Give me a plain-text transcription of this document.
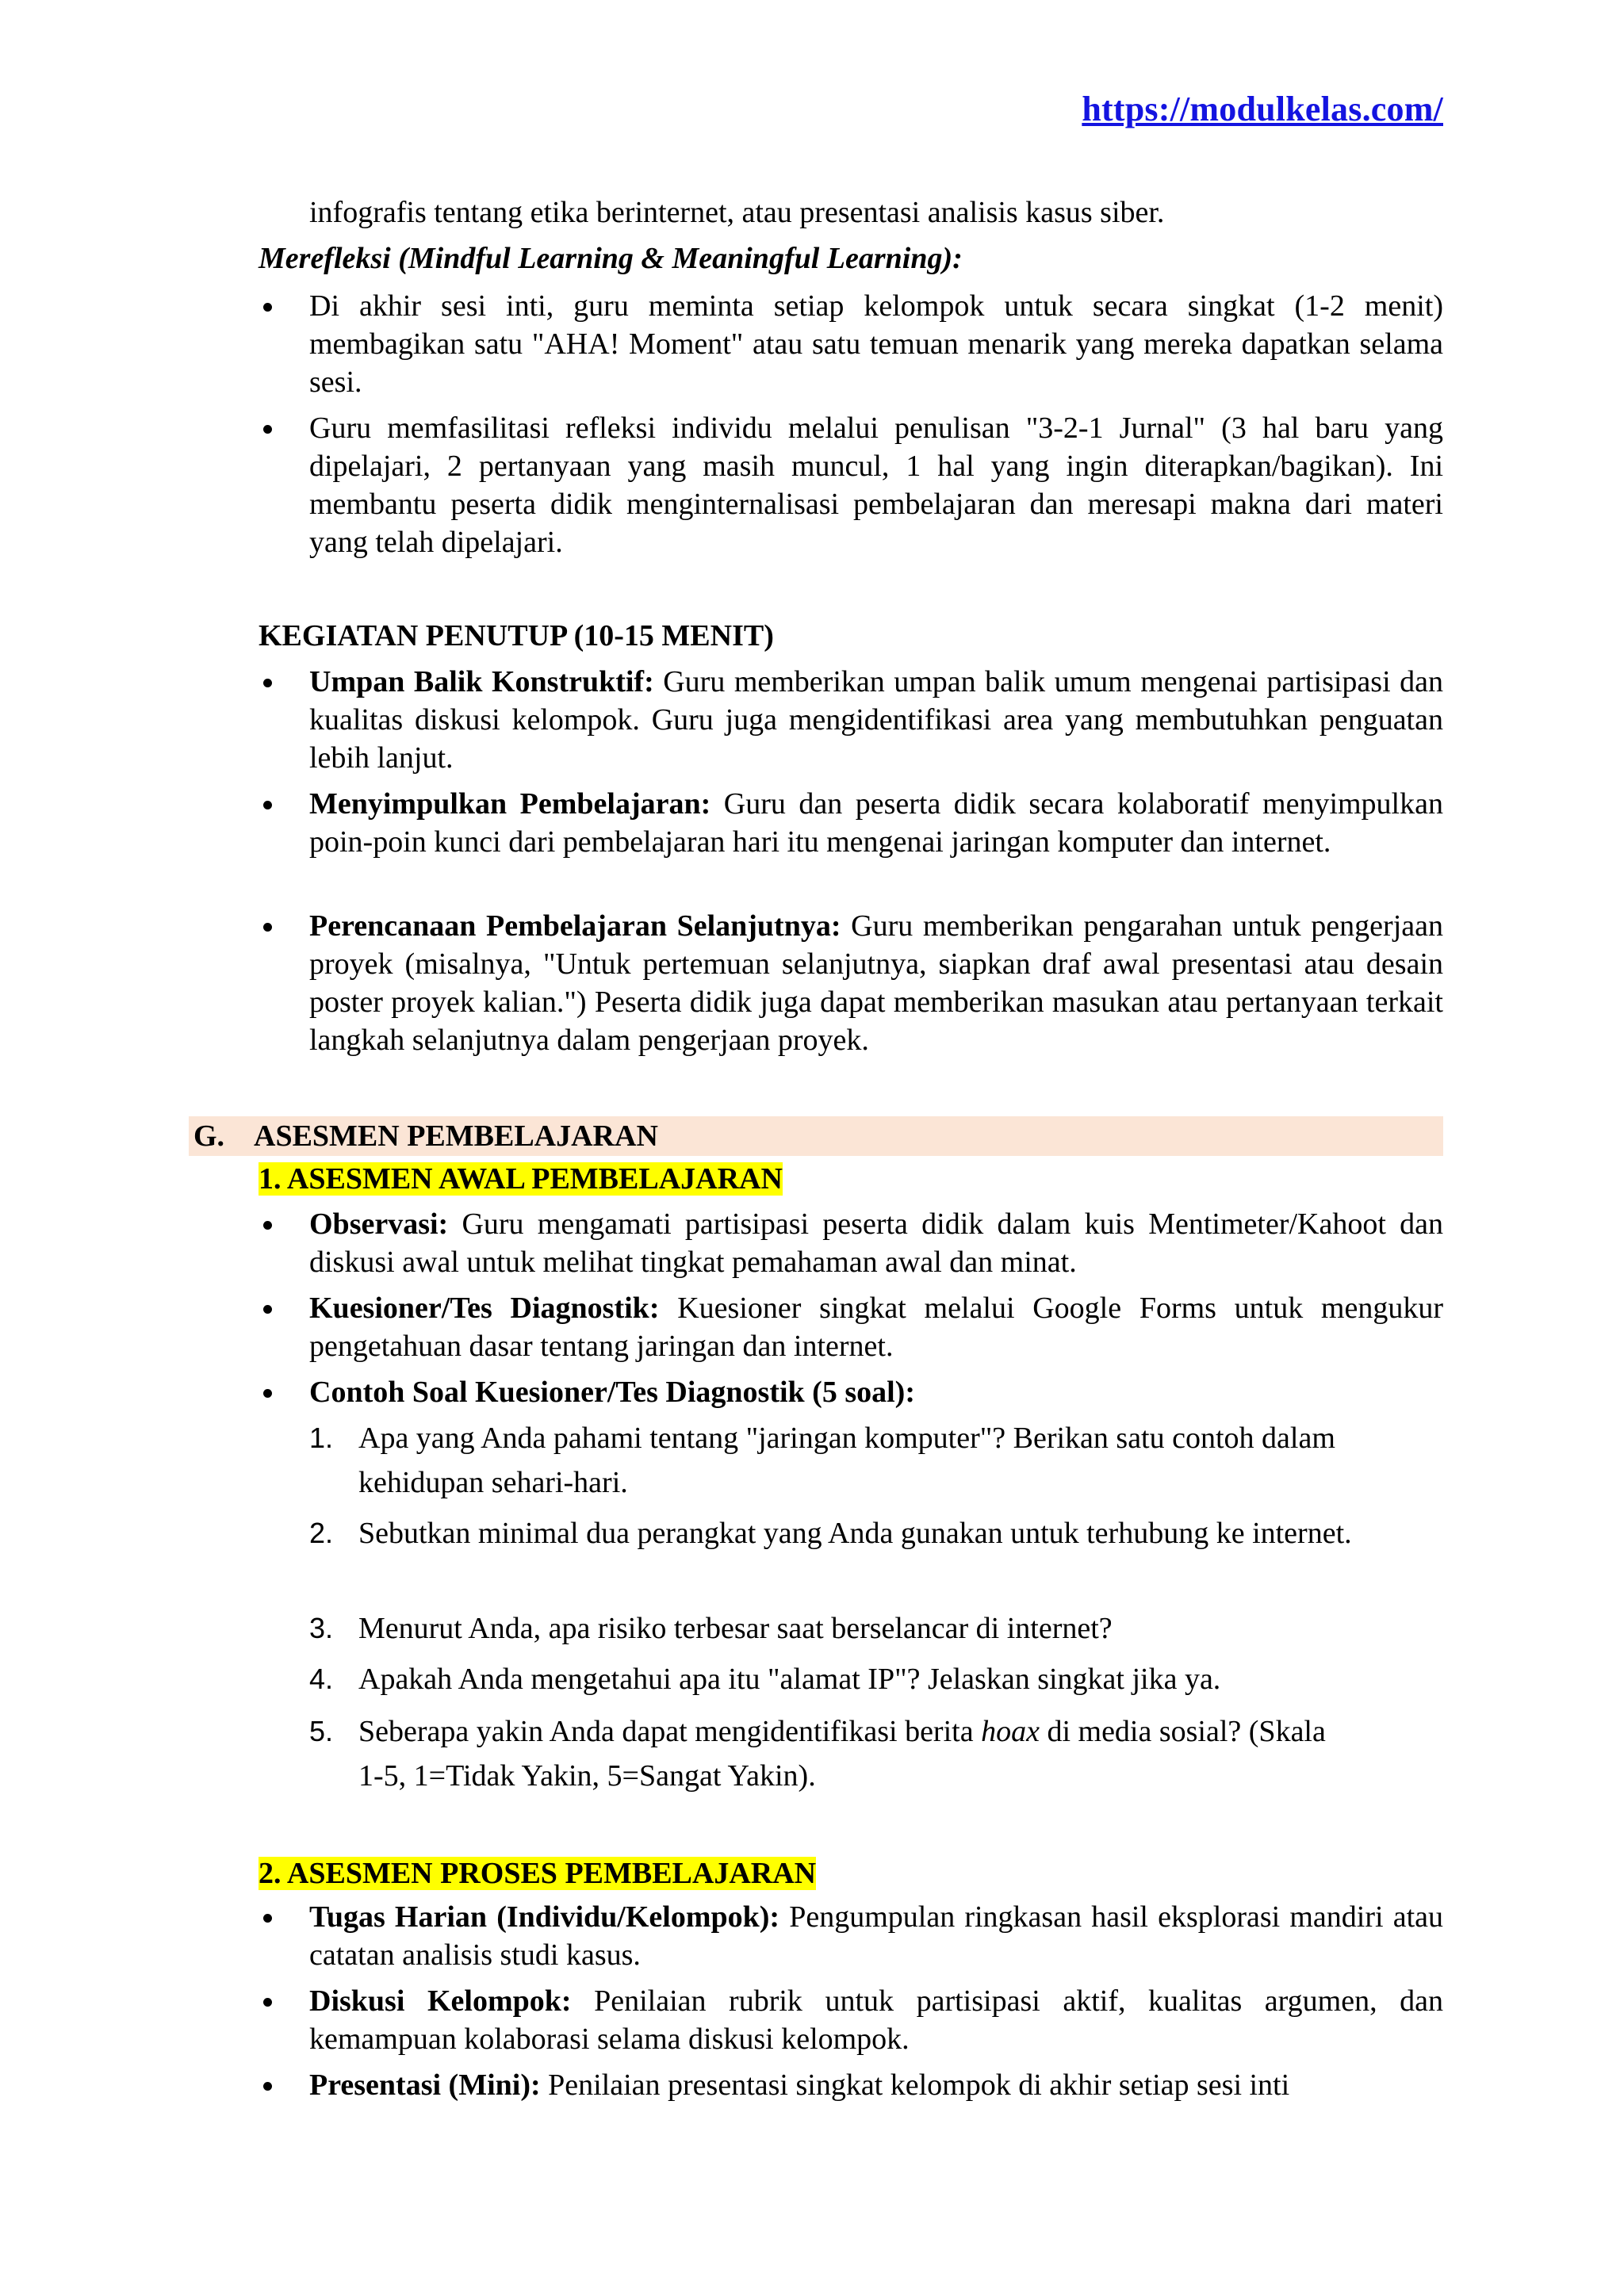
https://modulkelas.com/
infografis tentang etika berinternet, atau presentasi analisis kasus siber.
Merefleksi (Mindful Learning & Meaningful Learning):
Di akhir sesi inti, guru meminta setiap kelompok untuk secara singkat (1-2 menit) membagikan satu "AHA! Moment" atau satu temuan menarik yang mereka dapatkan selama sesi.
Guru memfasilitasi refleksi individu melalui penulisan "3-2-1 Jurnal" (3 hal baru yang dipelajari, 2 pertanyaan yang masih muncul, 1 hal yang ingin diterapkan/bagikan). Ini membantu peserta didik menginternalisasi pembelajaran dan meresapi makna dari materi yang telah dipelajari.
KEGIATAN PENUTUP (10-15 MENIT)
Umpan Balik Konstruktif: Guru memberikan umpan balik umum mengenai partisipasi dan kualitas diskusi kelompok. Guru juga mengidentifikasi area yang membutuhkan penguatan lebih lanjut.
Menyimpulkan Pembelajaran: Guru dan peserta didik secara kolaboratif menyimpulkan poin-poin kunci dari pembelajaran hari itu mengenai jaringan komputer dan internet.
Perencanaan Pembelajaran Selanjutnya: Guru memberikan pengarahan untuk pengerjaan proyek (misalnya, "Untuk pertemuan selanjutnya, siapkan draf awal presentasi atau desain poster proyek kalian.") Peserta didik juga dapat memberikan masukan atau pertanyaan terkait langkah selanjutnya dalam pengerjaan proyek.
G. ASESMEN PEMBELAJARAN
1. ASESMEN AWAL PEMBELAJARAN
Observasi: Guru mengamati partisipasi peserta didik dalam kuis Mentimeter/Kahoot dan diskusi awal untuk melihat tingkat pemahaman awal dan minat.
Kuesioner/Tes Diagnostik: Kuesioner singkat melalui Google Forms untuk mengukur pengetahuan dasar tentang jaringan dan internet.
Contoh Soal Kuesioner/Tes Diagnostik (5 soal):
1. Apa yang Anda pahami tentang "jaringan komputer"? Berikan satu contoh dalam kehidupan sehari-hari.
2. Sebutkan minimal dua perangkat yang Anda gunakan untuk terhubung ke internet.
3. Menurut Anda, apa risiko terbesar saat berselancar di internet?
4. Apakah Anda mengetahui apa itu "alamat IP"? Jelaskan singkat jika ya.
5. Seberapa yakin Anda dapat mengidentifikasi berita hoax di media sosial? (Skala 1-5, 1=Tidak Yakin, 5=Sangat Yakin).
2. ASESMEN PROSES PEMBELAJARAN
Tugas Harian (Individu/Kelompok): Pengumpulan ringkasan hasil eksplorasi mandiri atau catatan analisis studi kasus.
Diskusi Kelompok: Penilaian rubrik untuk partisipasi aktif, kualitas argumen, dan kemampuan kolaborasi selama diskusi kelompok.
Presentasi (Mini): Penilaian presentasi singkat kelompok di akhir setiap sesi inti
